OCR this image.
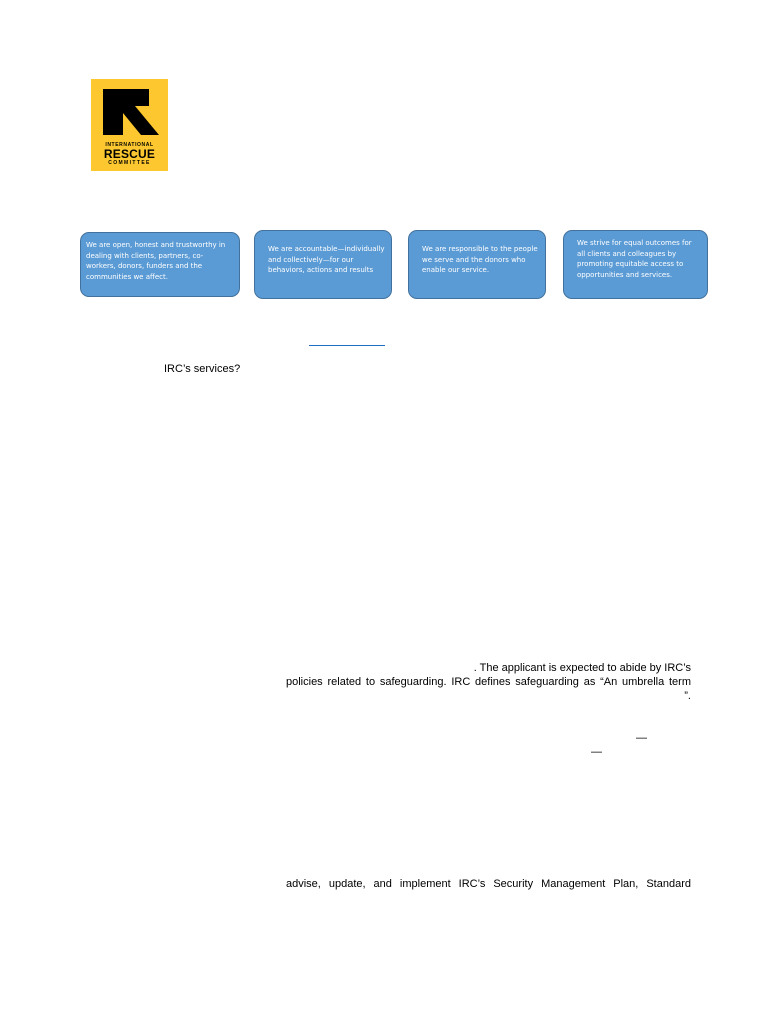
INTERNATIONAL
RESCUE
COMMITTEE
We are open, honest and trustworthy in dealing with clients, partners, co-workers, donors, funders and the communities we affect.
We are accountable—individually and collectively—for our behaviors, actions and results
We are responsible to the people we serve and the donors who enable our service.
We strive for equal outcomes for all clients and colleagues by promoting equitable access to opportunities and services.
IRC’s services?
. The applicant is expected to abide by IRC’s
policies related to safeguarding. IRC defines safeguarding as “An umbrella term
”.
—
—
advise, update, and implement IRC’s Security Management Plan, Standard
